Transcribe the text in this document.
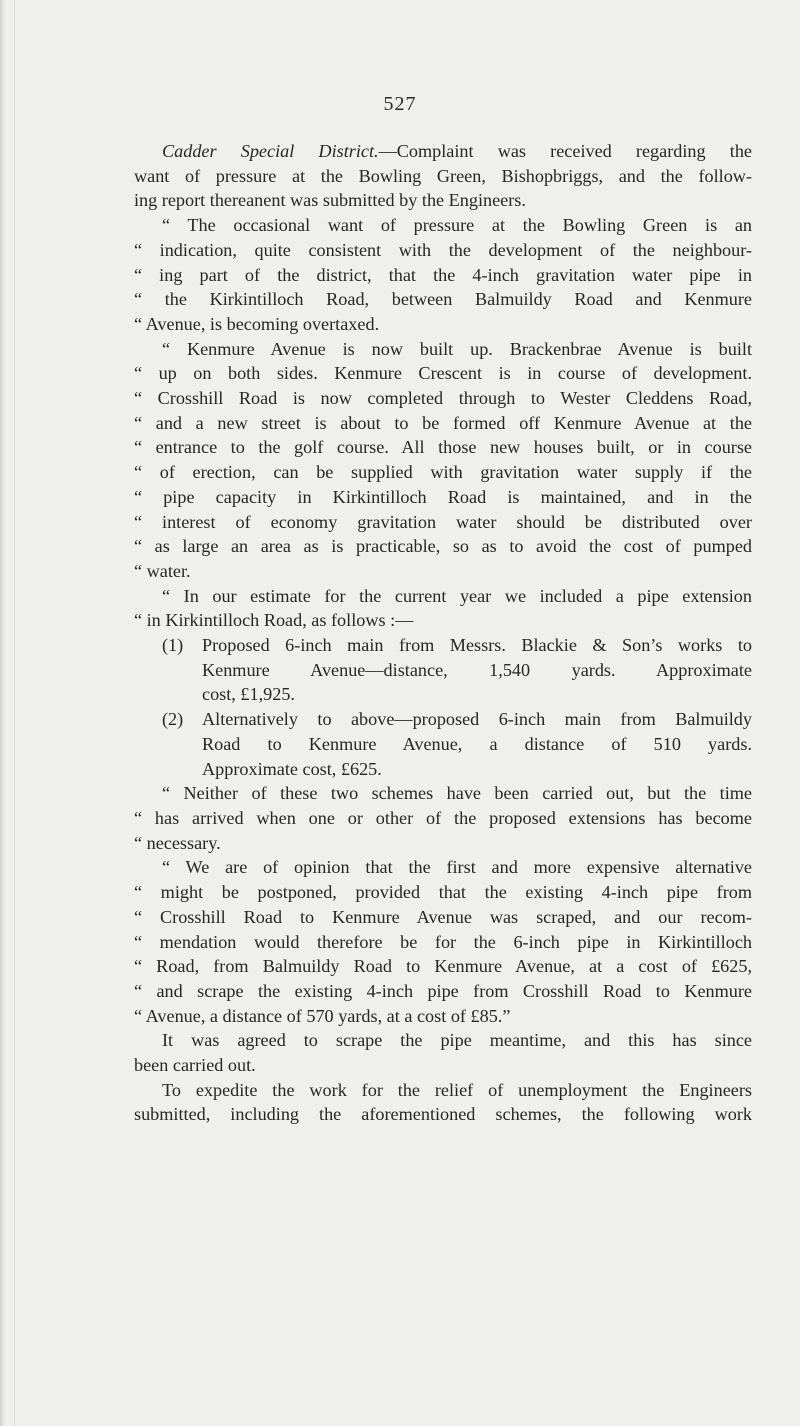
527

Cadder Special District.—Complaint was received regarding the

want of pressure at the Bowling Green, Bishopbriggs, and the follow-

ing report thereanent was submitted by the Engineers.

“ The occasional want of pressure at the Bowling Green is an

“ indication, quite consistent with the development of the neighbour-

“ ing part of the district, that the 4-inch gravitation water pipe in

“ the Kirkintilloch Road, between Balmuildy Road and Kenmure

“ Avenue, is becoming overtaxed.

“ Kenmure Avenue is now built up. Brackenbrae Avenue is built

“ up on both sides. Kenmure Crescent is in course of development.

“ Crosshill Road is now completed through to Wester Cleddens Road,

“ and a new street is about to be formed off Kenmure Avenue at the

“ entrance to the golf course. All those new houses built, or in course

“ of erection, can be supplied with gravitation water supply if the

“ pipe capacity in Kirkintilloch Road is maintained, and in the

“ interest of economy gravitation water should be distributed over

“ as large an area as is practicable, so as to avoid the cost of pumped

“ water.

“ In our estimate for the current year we included a pipe extension

“ in Kirkintilloch Road, as follows :—

(1) Proposed 6-inch main from Messrs. Blackie & Son’s works to

Kenmure Avenue—distance, 1,540 yards. Approximate

cost, £1,925.

(2) Alternatively to above—proposed 6-inch main from Balmuildy

Road to Kenmure Avenue, a distance of 510 yards.

Approximate cost, £625.

“ Neither of these two schemes have been carried out, but the time

“ has arrived when one or other of the proposed extensions has become

“ necessary.

“ We are of opinion that the first and more expensive alternative

“ might be postponed, provided that the existing 4-inch pipe from

“ Crosshill Road to Kenmure Avenue was scraped, and our recom-

“ mendation would therefore be for the 6-inch pipe in Kirkintilloch

“ Road, from Balmuildy Road to Kenmure Avenue, at a cost of £625,

“ and scrape the existing 4-inch pipe from Crosshill Road to Kenmure

“ Avenue, a distance of 570 yards, at a cost of £85.”

It was agreed to scrape the pipe meantime, and this has since

been carried out.

To expedite the work for the relief of unemployment the Engineers

submitted, including the aforementioned schemes, the following work
